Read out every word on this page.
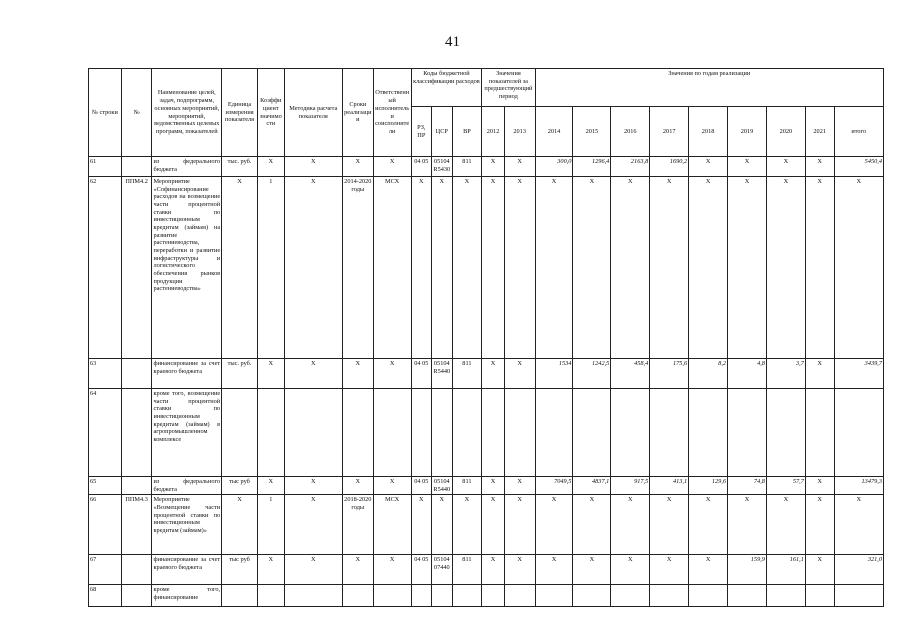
41
№ строки	№	Наименование целей, задач, подпрограмм, основных мероприятий, мероприятий, ведомственных целевых программ, показателей	Единица измерения показателя	Коэффициент значимости	Методика расчета показателя	Сроки реализации	Ответственный исполнитель и соисполнители	Коды бюджетной классификации расходов			Значения показателей за предшествующий период		Значения по годам реализации								
								РЗ, ПР	ЦСР	ВР	2012	2013	2014	2015	2016	2017	2018	2019	2020	2021	итого
61		из федерального бюджета	тыс. руб.	X	X	X	X	04 05	05104 R5430	811	X	X	300,0	1296,4	2163,8	1690,2	X	X	X	X	5450,4
62	ППМ4.2	Мероприятие «Софинансирование расходов на возмещение части процентной ставки по инвестиционным кредитам (займам) на развитие растениеводства, переработки и развитие инфраструктуры и логистического обеспечения рынков продукции растениеводства»	X	1	X	2014-2020 годы	МСХ	X	X	X	X	X	X	X	X	X	X	X	X	X	X
63		финансирование за счет краевого бюджета	тыс. руб.	X	X	X	X	04 05	05104 R5440	811	X	X	1534	1242,5	458,4	175,6	8,2	4,8	3,7	X	3439,7
64		кроме того, возмещение части процентной ставки по инвестиционным кредитам (займам) в агропромышленном комплексе																			
65		из федерального бюджета	тыс руб	X	X	X	X	04 05	05104 R5440	811	X	X	7049,5	4837,1	917,5	413,1	129,6	74,8	57,7	X	13479,3
66	ППМ4.3	Мероприятие «Возмещение части процентной ставки по инвестиционным кредитам (займам)»	X	1	X	2018-2020 годы	МСХ	X	X	X	X	X	X	X	X	X	X	X	X	X	X
67		финансирование за счет краевого бюджета	тыс руб	X	X	X	X	04 05	05104 07440	811	X	X	X	X	X	X	X	159,9	161,1	X	321,0
68		кроме того, финансирование																			
